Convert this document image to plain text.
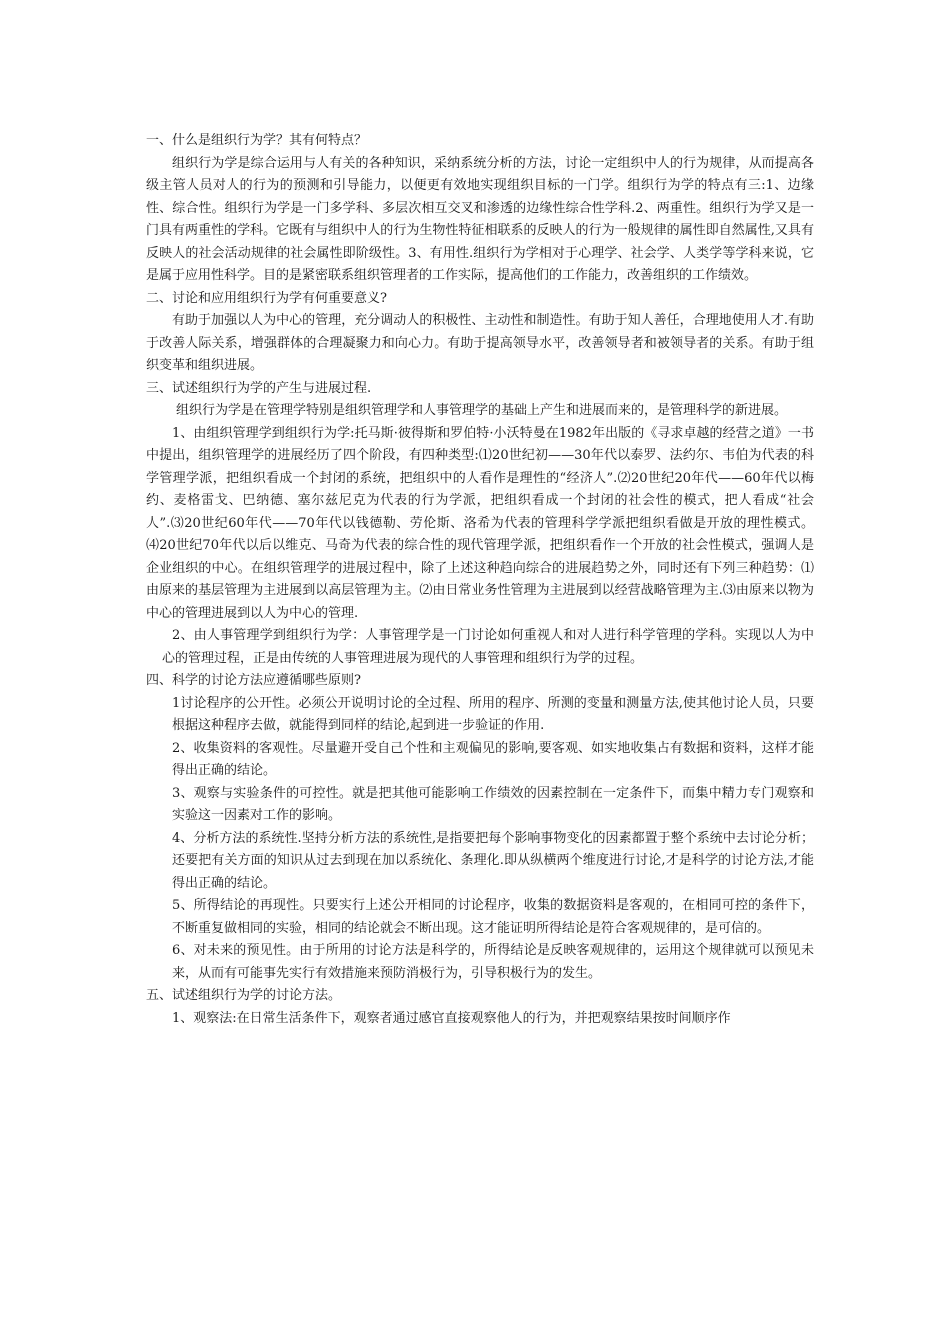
一、什么是组织行为学？其有何特点？

组织行为学是综合运用与人有关的各种知识，采纳系统分析的方法，讨论一定组织中人的行为规律，从而提高各级主管人员对人的行为的预测和引导能力，以便更有效地实现组织目标的一门学。组织行为学的特点有三:1、边缘性、综合性。组织行为学是一门多学科、多层次相互交叉和渗透的边缘性综合性学科.2、两重性。组织行为学又是一门具有两重性的学科。它既有与组织中人的行为生物性特征相联系的反映人的行为一般规律的属性即自然属性,又具有反映人的社会活动规律的社会属性即阶级性。3、有用性.组织行为学相对于心理学、社会学、人类学等学科来说，它是属于应用性科学。目的是紧密联系组织管理者的工作实际，提高他们的工作能力，改善组织的工作绩效。

二、讨论和应用组织行为学有何重要意义?

有助于加强以人为中心的管理，充分调动人的积极性、主动性和制造性。有助于知人善任，合理地使用人才.有助于改善人际关系，增强群体的合理凝聚力和向心力。有助于提高领导水平，改善领导者和被领导者的关系。有助于组织变革和组织进展。

三、试述组织行为学的产生与进展过程.

组织行为学是在管理学特别是组织管理学和人事管理学的基础上产生和进展而来的，是管理科学的新进展。

1、由组织管理学到组织行为学:托马斯·彼得斯和罗伯特·小沃特曼在1982年出版的《寻求卓越的经营之道》一书中提出，组织管理学的进展经历了四个阶段，有四种类型:⑴20世纪初——30年代以泰罗、法约尔、韦伯为代表的科学管理学派，把组织看成一个封闭的系统，把组织中的人看作是理性的“经济人”.⑵20世纪20年代——60年代以梅约、麦格雷戈、巴纳德、塞尔兹尼克为代表的行为学派，把组织看成一个封闭的社会性的模式，把人看成“社会人”.⑶20世纪60年代——70年代以钱德勒、劳伦斯、洛希为代表的管理科学学派把组织看做是开放的理性模式。⑷20世纪70年代以后以维克、马奇为代表的综合性的现代管理学派，把组织看作一个开放的社会性模式，强调人是企业组织的中心。在组织管理学的进展过程中，除了上述这种趋向综合的进展趋势之外，同时还有下列三种趋势：⑴由原来的基层管理为主进展到以高层管理为主。⑵由日常业务性管理为主进展到以经营战略管理为主.⑶由原来以物为中心的管理进展到以人为中心的管理.

2、由人事管理学到组织行为学：人事管理学是一门讨论如何重视人和对人进行科学管理的学科。实现以人为中心的管理过程，正是由传统的人事管理进展为现代的人事管理和组织行为学的过程。

四、科学的讨论方法应遵循哪些原则?

1讨论程序的公开性。必须公开说明讨论的全过程、所用的程序、所测的变量和测量方法,使其他讨论人员，只要根据这种程序去做，就能得到同样的结论,起到进一步验证的作用.

2、收集资料的客观性。尽量避开受自己个性和主观偏见的影响,要客观、如实地收集占有数据和资料，这样才能得出正确的结论。

3、观察与实验条件的可控性。就是把其他可能影响工作绩效的因素控制在一定条件下，而集中精力专门观察和实验这一因素对工作的影响。

4、分析方法的系统性.坚持分析方法的系统性,是指要把每个影响事物变化的因素都置于整个系统中去讨论分析；还要把有关方面的知识从过去到现在加以系统化、条理化.即从纵横两个维度进行讨论,才是科学的讨论方法,才能得出正确的结论。

5、所得结论的再现性。只要实行上述公开相同的讨论程序，收集的数据资料是客观的，在相同可控的条件下，不断重复做相同的实验，相同的结论就会不断出现。这才能证明所得结论是符合客观规律的，是可信的。

6、对未来的预见性。由于所用的讨论方法是科学的，所得结论是反映客观规律的，运用这个规律就可以预见未来，从而有可能事先实行有效措施来预防消极行为，引导积极行为的发生。

五、试述组织行为学的讨论方法。

1、观察法:在日常生活条件下，观察者通过感官直接观察他人的行为，并把观察结果按时间顺序作
